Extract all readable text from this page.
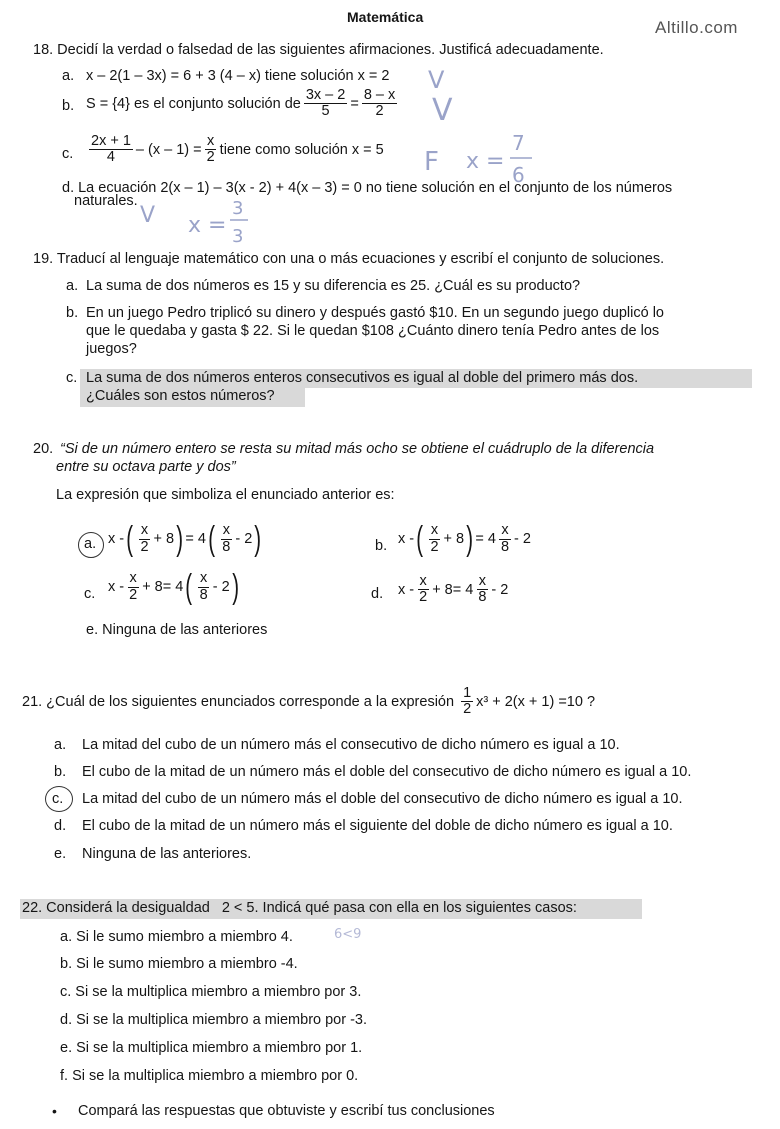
Matemática
Altillo.com
18. Decidí la verdad o falsedad de las siguientes afirmaciones. Justificá adecuadamente.
a. x – 2(1 – 3x) = 6 + 3 (4 – x) tiene solución x = 2
b. S = {4} es el conjunto solución de $\frac{3x - 2}{5} = \frac{8 - x}{2}$
c. $\frac{2x + 1}{4} - (x - 1) = \frac{x}{2}$ tiene como solución x = 5
d. La ecuación 2(x – 1) – 3(x - 2) + 4(x – 3) = 0 no tiene solución en el conjunto de los números
naturales.
19. Traducí al lenguaje matemático con una o más ecuaciones y escribí el conjunto de soluciones.
a. La suma de dos números es 15 y su diferencia es 25. ¿Cuál es su producto?
b. En un juego Pedro triplicó su dinero y después gastó $10. En un segundo juego duplicó lo
que le quedaba y gasta $ 22. Si le quedan $108 ¿Cuánto dinero tenía Pedro antes de los
juegos?
c. La suma de dos números enteros consecutivos es igual al doble del primero más dos.
¿Cuáles son estos números?
20. “Si de un número entero se resta su mitad más ocho se obtiene el cuádruplo de la diferencia
entre su octava parte y dos”
La expresión que simboliza el enunciado anterior es:
a. x - ( $\frac{x}{2} + 8$ ) = 4 ( $\frac{x}{8} - 2$ )	b. x - ( $\frac{x}{2} + 8$ ) = $4 \frac{x}{8} - 2$
c. $x - \frac{x}{2} + 8 = 4$ ( $\frac{x}{8} - 2$ )	d. $x - \frac{x}{2} + 8 = 4 \frac{x}{8} - 2$
e. Ninguna de las anteriores
21. ¿Cuál de los siguientes enunciados corresponde a la expresión $\frac{1}{2} x^3 + 2(x + 1) =10$ ?
a. La mitad del cubo de un número más el consecutivo de dicho número es igual a 10.
b. El cubo de la mitad de un número más el doble del consecutivo de dicho número es igual a 10.
c. La mitad del cubo de un número más el doble del consecutivo de dicho número es igual a 10.
d. El cubo de la mitad de un número más el siguiente del doble de dicho número es igual a 10.
e. Ninguna de las anteriores.
22. Considerá la desigualdad 2 < 5 . Indicá qué pasa con ella en los siguientes casos:
a. Si le sumo miembro a miembro 4.
b. Si le sumo miembro a miembro -4.
c. Si se la multiplica miembro a miembro por 3.
d. Si se la multiplica miembro a miembro por -3.
e. Si se la multiplica miembro a miembro por 1.
f. Si se la multiplica miembro a miembro por 0.
• Compará las respuestas que obtuviste y escribí tus conclusiones
V
V
F x =
7
6
V x =
3
3
6<9
